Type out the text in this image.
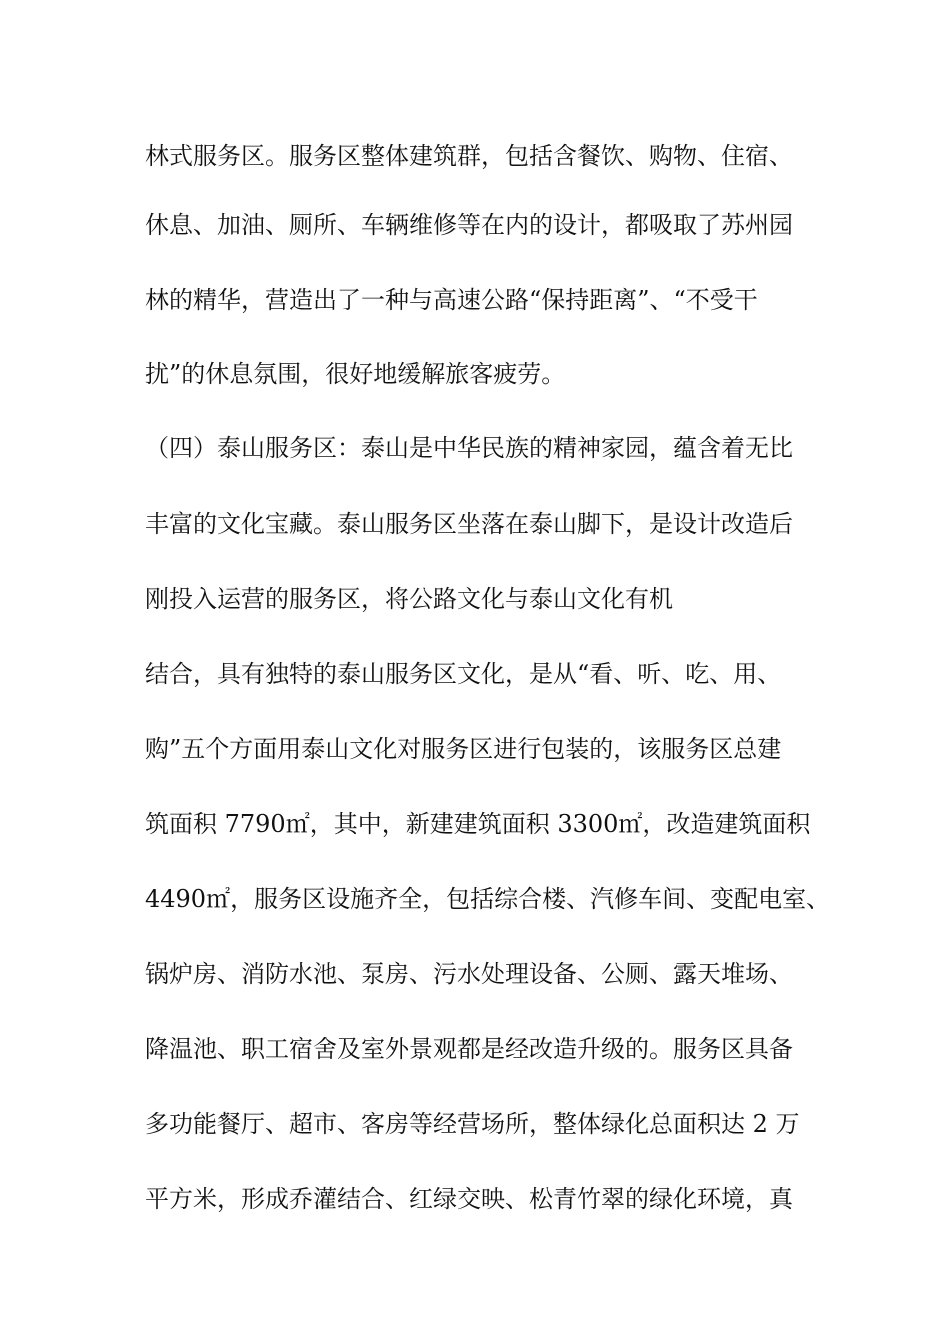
林式服务区。服务区整体建筑群，包括含餐饮、购物、住宿、
休息、加油、厕所、车辆维修等在内的设计，都吸取了苏州园
林的精华，营造出了一种与高速公路“保持距离”、“不受干
扰”的休息氛围，很好地缓解旅客疲劳。
（四）泰山服务区：泰山是中华民族的精神家园，蕴含着无比
丰富的文化宝藏。泰山服务区坐落在泰山脚下，是设计改造后
刚投入运营的服务区，将公路文化与泰山文化有机
结合，具有独特的泰山服务区文化，是从“看、听、吃、用、
购”五个方面用泰山文化对服务区进行包装的，该服务区总建
筑面积 7790㎡，其中，新建建筑面积 3300㎡，改造建筑面积
4490㎡，服务区设施齐全，包括综合楼、汽修车间、变配电室、
锅炉房、消防水池、泵房、污水处理设备、公厕、露天堆场、
降温池、职工宿舍及室外景观都是经改造升级的。服务区具备
多功能餐厅、超市、客房等经营场所，整体绿化总面积达 2 万
平方米，形成乔灌结合、红绿交映、松青竹翠的绿化环境，真
